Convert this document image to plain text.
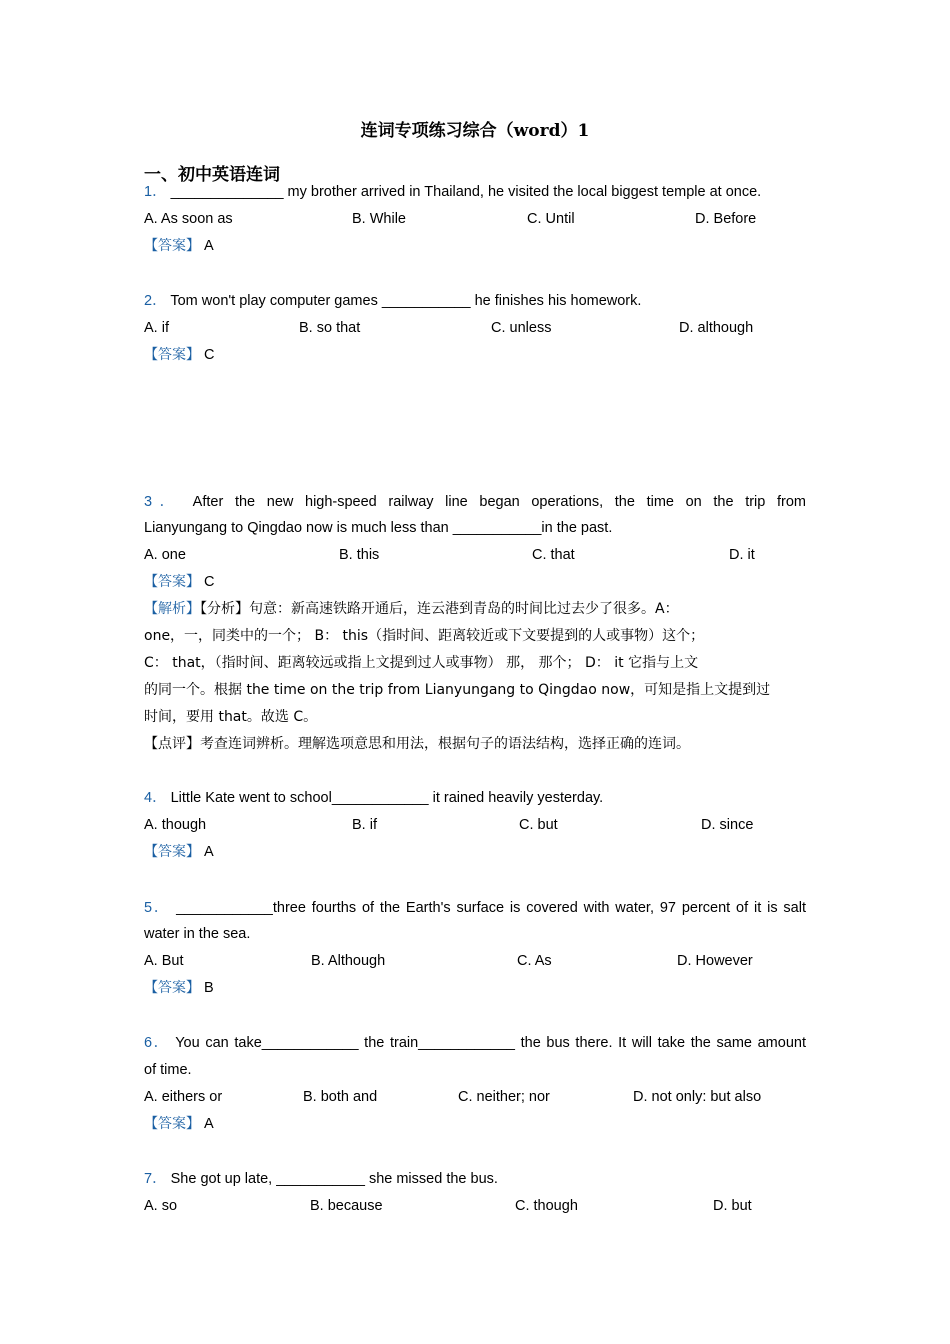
连词专项练习综合（word）1
一、初中英语连词
1． ______________ my brother arrived in Thailand, he visited the local biggest temple at once.
A. As soon as	B. While	C. Until	D. Before
【答案】 A
2． Tom won't play computer games ___________ he finishes his homework.
A. if	B. so that	C. unless	D. although
【答案】 C
3． After the new high-speed railway line began operations, the time on the trip from
Lianyungang to Qingdao now is much less than ___________in the past.
A. one	B. this	C. that	D. it
【答案】 C
【解析】【分析】句意：新高速铁路开通后，连云港到青岛的时间比过去少了很多。A：
one，一，同类中的一个； B： this（指时间、距离较近或下文要提到的人或事物）这个；
C： that，（指时间、距离较远或指上文提到过人或事物） 那， 那个； D： it 它指与上文
的同一个。根据 the time on the trip from Lianyungang to Qingdao now，可知是指上文提到过
时间，要用 that。故选 C。
【点评】考查连词辨析。理解选项意思和用法，根据句子的语法结构，选择正确的连词。
4． Little Kate went to school____________ it rained heavily yesterday.
A. though	B. if	C. but	D. since
【答案】 A
5． ____________three fourths of the Earth's surface is covered with water, 97 percent of it is salt
water in the sea.
A. But	B. Although	C. As	D. However
【答案】 B
6． You can take____________ the train____________ the bus there. It will take the same amount
of time.
A. eithers or	B. both and	C. neither; nor	D. not only: but also
【答案】 A
7． She got up late, ___________ she missed the bus.
A. so	B. because	C. though	D. but
